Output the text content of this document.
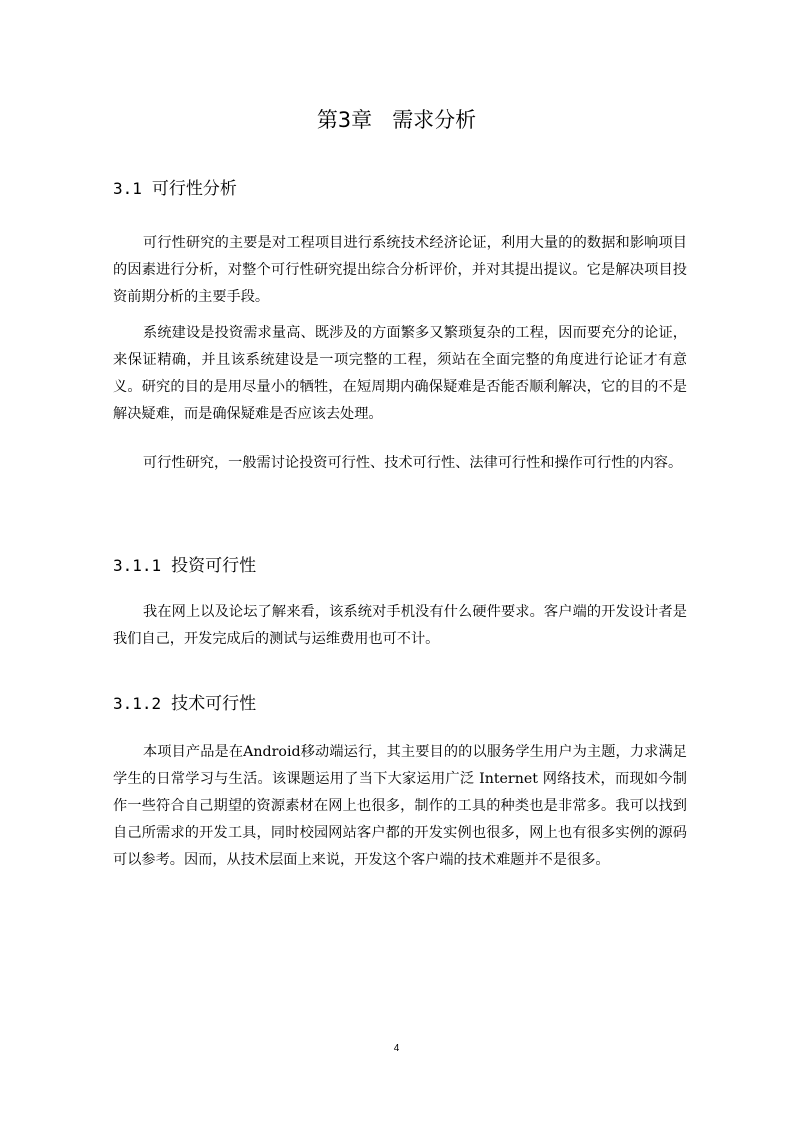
第3章 需求分析
3.1 可行性分析

可行性研究的主要是对工程项目进行系统技术经济论证，利用大量的的数据和影响项目的因素进行分析，对整个可行性研究提出综合分析评价，并对其提出提议。它是解决项目投资前期分析的主要手段。

系统建设是投资需求量高、既涉及的方面繁多又繁琐复杂的工程，因而要充分的论证，来保证精确，并且该系统建设是一项完整的工程，须站在全面完整的角度进行论证才有意义。研究的目的是用尽量小的牺牲，在短周期内确保疑难是否能否顺利解决，它的目的不是解决疑难，而是确保疑难是否应该去处理。

可行性研究，一般需讨论投资可行性、技术可行性、法律可行性和操作可行性的内容。

3.1.1 投资可行性

我在网上以及论坛了解来看，该系统对手机没有什么硬件要求。客户端的开发设计者是我们自己，开发完成后的测试与运维费用也可不计。

3.1.2 技术可行性

本项目产品是在Android移动端运行，其主要目的的以服务学生用户为主题，力求满足学生的日常学习与生活。该课题运用了当下大家运用广泛 Internet 网络技术，而现如今制作一些符合自己期望的资源素材在网上也很多，制作的工具的种类也是非常多。我可以找到自己所需求的开发工具，同时校园网站客户都的开发实例也很多，网上也有很多实例的源码可以参考。因而，从技术层面上来说，开发这个客户端的技术难题并不是很多。

4
